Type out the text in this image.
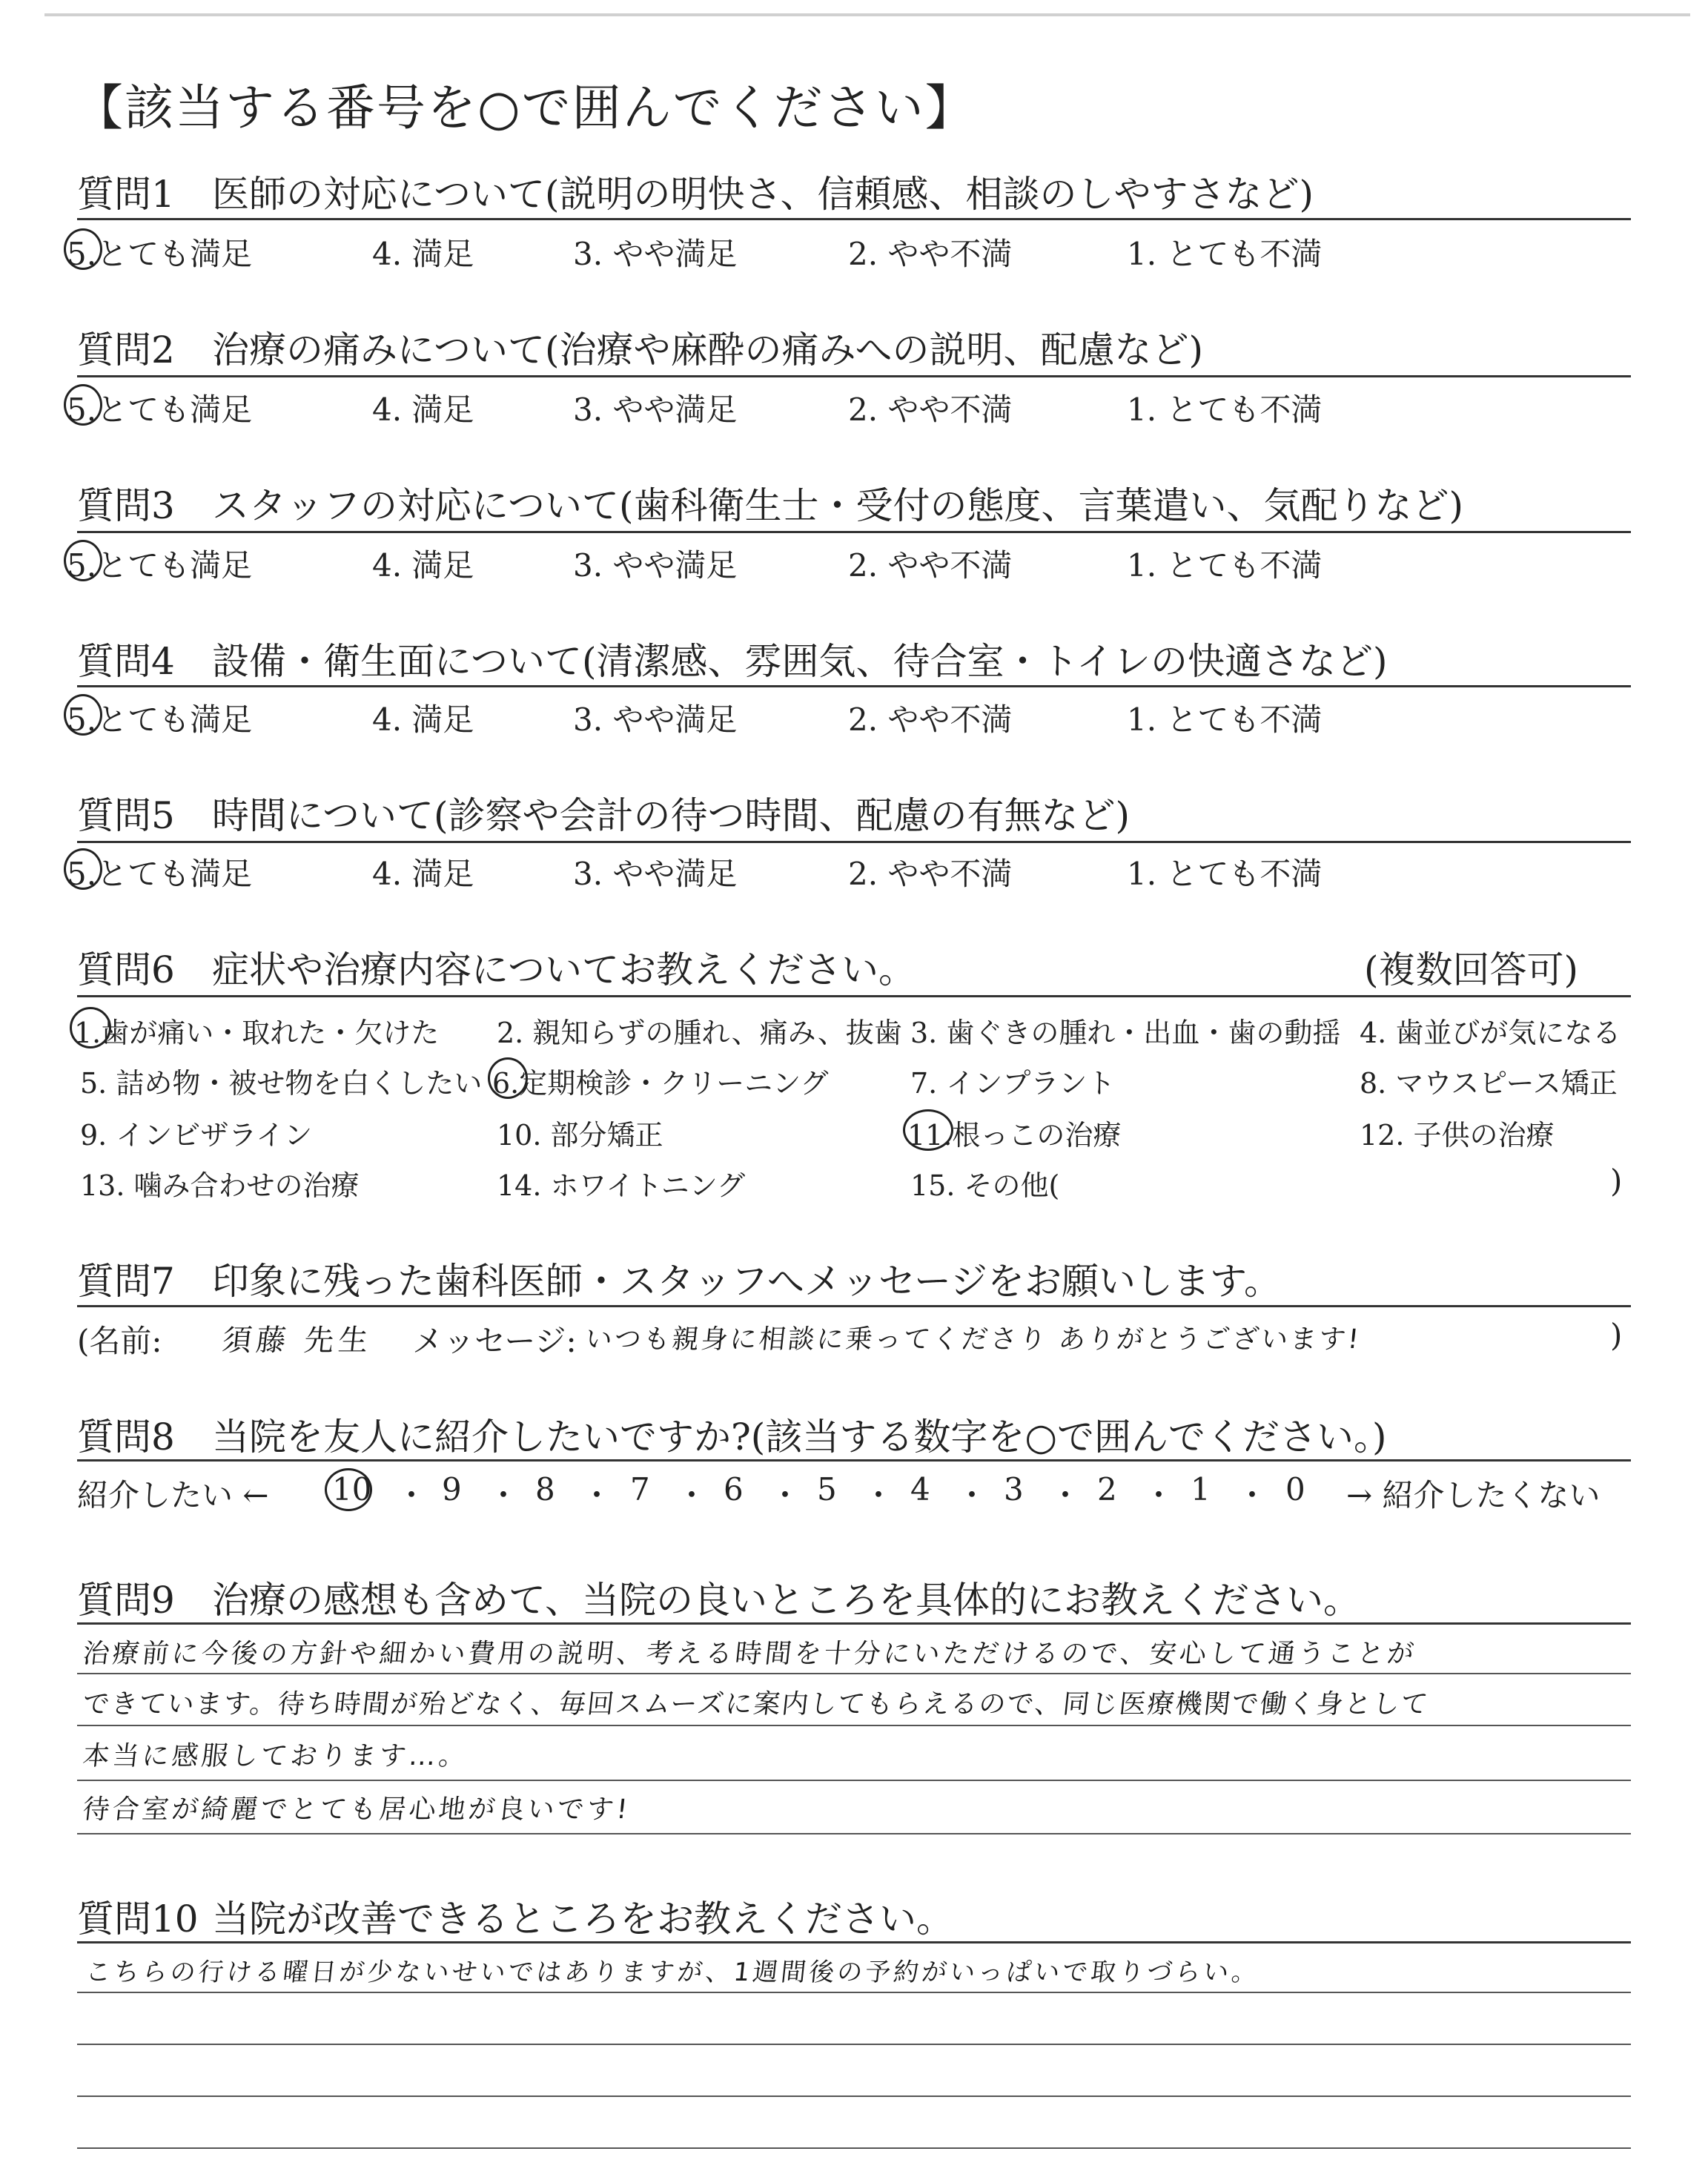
【該当する番号を○で囲んでください】
質問1 医師の対応について(説明の明快さ、信頼感、相談のしやすさなど)
5.とても満足	4. 満足	3. やや満足	2. やや不満	1. とても不満
質問2 治療の痛みについて(治療や麻酔の痛みへの説明、配慮など)
5.とても満足	4. 満足	3. やや満足	2. やや不満	1. とても不満
質問3 スタッフの対応について(歯科衛生士・受付の態度、言葉遣い、気配りなど)
5.とても満足	4. 満足	3. やや満足	2. やや不満	1. とても不満
質問4 設備・衛生面について(清潔感、雰囲気、待合室・トイレの快適さなど)
5.とても満足	4. 満足	3. やや満足	2. やや不満	1. とても不満
質問5 時間について(診察や会計の待つ時間、配慮の有無など)
5.とても満足	4. 満足	3. やや満足	2. やや不満	1. とても不満
質問6 症状や治療内容についてお教えください。	(複数回答可)
1.歯が痛い・取れた・欠けた 2. 親知らずの腫れ、痛み、抜歯 3. 歯ぐきの腫れ・出血・歯の動揺 4. 歯並びが気になる
5. 詰め物・被せ物を白くしたい 6.定期検診・クリーニング	7. インプラント	8. マウスピース矯正
9. インビザライン	10. 部分矯正	11.根っこの治療	12. 子供の治療
13. 噛み合わせの治療	14. ホワイトニング	15. その他(	)
質問7 印象に残った歯科医師・スタッフへメッセージをお願いします。
(名前: 須藤 先生 メッセージ: いつも親身に相談に乗ってくださり ありがとうございます!	)
質問8 当院を友人に紹介したいですか?(該当する数字を○で囲んでください。)
紹介したい ←	→ 紹介したくない
10 ・ 9 ・ 8 ・ 7 ・ 6 ・ 5 ・ 4 ・ 3 ・ 2 ・ 1 ・ 0
質問9 治療の感想も含めて、当院の良いところを具体的にお教えください。
治療前に今後の方針や細かい費用の説明、考える時間を十分にいただけるので、安心して通うことが
できています。待ち時間が殆どなく、毎回スムーズに案内してもらえるので、同じ医療機関で働く身として
本当に感服しております…。
待合室が綺麗でとても居心地が良いです!
質問10 当院が改善できるところをお教えください。
こちらの行ける曜日が少ないせいではありますが、1週間後の予約がいっぱいで取りづらい。
